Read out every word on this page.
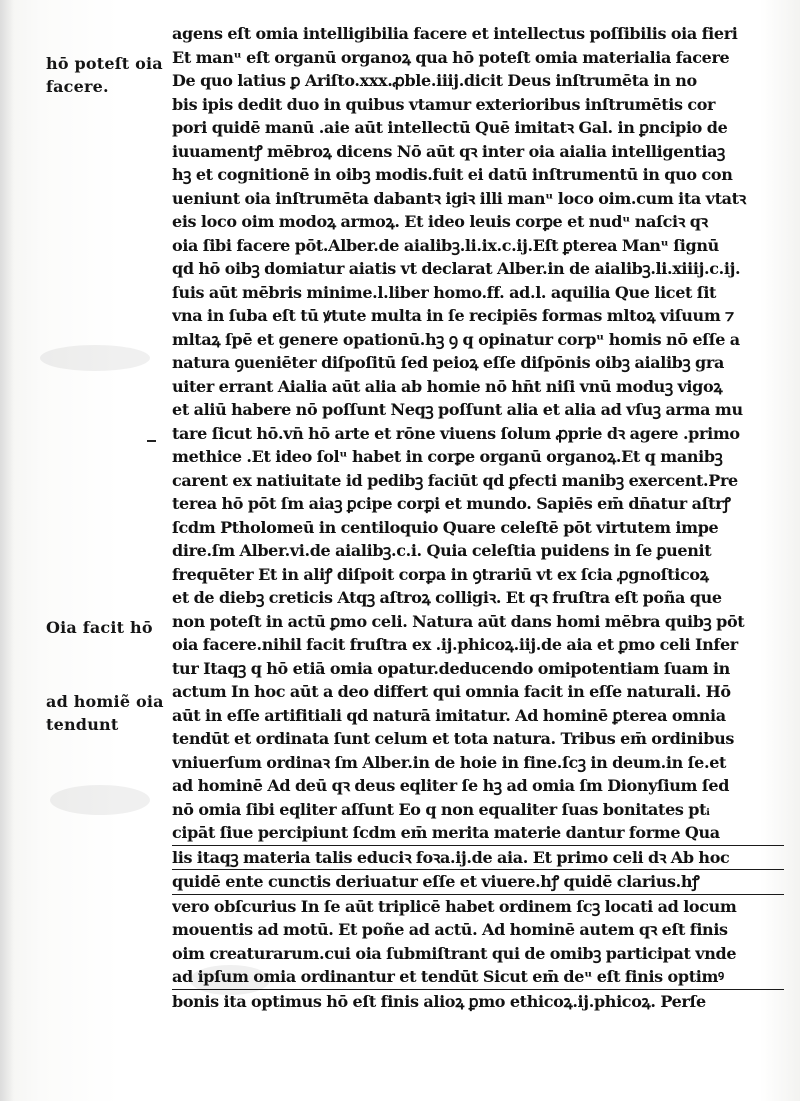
hō poteſt oia
facere.
Oia facit hō
ad homiẽ oia
tendunt
agens eſt omia intelligibilia facere et intellectus poſſibilis oia fieri
Et manᵘ eſt organū organoꝝ qua hō poteſt omia materialia facere
De quo latius ꝑ Ariſto.xxx.ꝓble.iiij.dicit Deus inſtrumēta in no
bis ipis dedit duo in quibus vtamur exterioribus inſtrumētis cor
pori quidē manū .aie aūt intellectū Quē imitatꝛ Gal. in ꝑncipio de
iuuamentꝭ mēbroꝝ dicens Nō aūt qꝛ inter oia aialia intelligentiaꝫ
hꝫ et cognitionē in oibꝫ modis.fuit ei datū inſtrumentū in quo con
ueniunt oia inſtrumēta dabantꝛ igiꝛ illi manᵘ loco oim.cum ita vtatꝛ
eis loco oim modoꝝ armoꝝ. Et ideo leuis corꝑe et nudᵘ naſciꝛ qꝛ
oia ſibi facere pōt.Alber.de aialibꝫ.li.ix.c.ij.Eſt ꝑterea Manᵘ ſignū
qd hō oibꝫ domiatur aiatis vt declarat Alber.in de aialibꝫ.li.xiiij.c.ij.
ſuis aūt mēbris minime.l.liber homo.ff. ad.l. aquilia Que licet ſit
vna in ſuba eſt tū ꝟtute multa in ſe recipiēs formas mltoꝝ viſuum ⁊
mltaꝝ ſpē et genere opationū.hꝫ ꝯ q opinatur corpᵘ homis nō eſſe a
natura ꝯueniēter diſpoſitū ſed peioꝝ eſſe diſpōnis oibꝫ aialibꝫ gra
uiter errant Aialia aūt alia ab homie nō hn̄t niſi vnū moduꝫ vigoꝝ
et aliū habere nō poſſunt Neqꝫ poſſunt alia et alia ad vſuꝫ arma mu
tare ſicut hō.vn̄ hō arte et rōne viuens ſolum ꝓprie dꝛ agere .primo
methice .Et ideo ſolᵘ habet in corꝑe organū organoꝝ.Et q manibꝫ
carent ex natiuitate id pedibꝫ faciūt qd ꝑfecti manibꝫ exercent.Pre
terea hō pōt ſm aiaꝫ ꝑcipe corꝑi et mundo. Sapiēs em̄ dn̄atur aſtrꝭ
ſcdm Ptholomeū in centiloquio Quare celeſtē pōt virtutem impe
dire.ſm Alber.vi.de aialibꝫ.c.i. Quia celeſtia puidens in ſe ꝑuenit
frequēter Et in aliꝭ diſpoit corꝑa in ꝯtrariū vt ex ſcia ꝓgnoſticoꝝ
et de diebꝫ creticis Atqꝫ aſtroꝝ colligiꝛ. Et qꝛ fruſtra eſt poña que
non poteſt in actū ꝑmo celi. Natura aūt dans homi mēbra quibꝫ pōt
oia facere.nihil facit fruſtra ex .ij.phicoꝝ.iij.de aia et ꝑmo celi Infer
tur Itaqꝫ q hō etiā omia opatur.deducendo omipotentiam ſuam in
actum In hoc aūt a deo differt qui omnia facit in eſſe naturali. Hō
aūt in eſſe artifitiali qd naturā imitatur. Ad hominē ꝑterea omnia
tendūt et ordinata ſunt celum et tota natura. Tribus em̄ ordinibus
vniuerſum ordinaꝛ ſm Alber.in de hoie in fine.ſcꝫ in deum.in ſe.et
ad hominē Ad deū qꝛ deus eqliter ſe hꝫ ad omia ſm Dionyſium ſed
nō omia ſibi eqliter aſſunt Eo q non equaliter ſuas bonitates ptᵢ
cipāt ſiue percipiunt ſcdm em̄ merita materie dantur forme Qua
lis itaqꝫ materia talis educiꝛ foꝛa.ij.de aia. Et primo celi dꝛ Ab hoc
quidē ente cunctis deriuatur eſſe et viuere.hꝭ quidē clarius.hꝭ
vero obſcurius In ſe aūt triplicē habet ordinem ſcꝫ locati ad locum
mouentis ad motū. Et poñe ad actū. Ad hominē autem qꝛ eſt finis
oim creaturarum.cui oia ſubmiſtrant qui de omibꝫ participat vnde
ad ipſum omia ordinantur et tendūt Sicut em̄ deᵘ eſt finis optimꝰ
bonis ita optimus hō eſt finis alioꝝ ꝑmo ethicoꝝ.ij.phicoꝝ. Perſe
